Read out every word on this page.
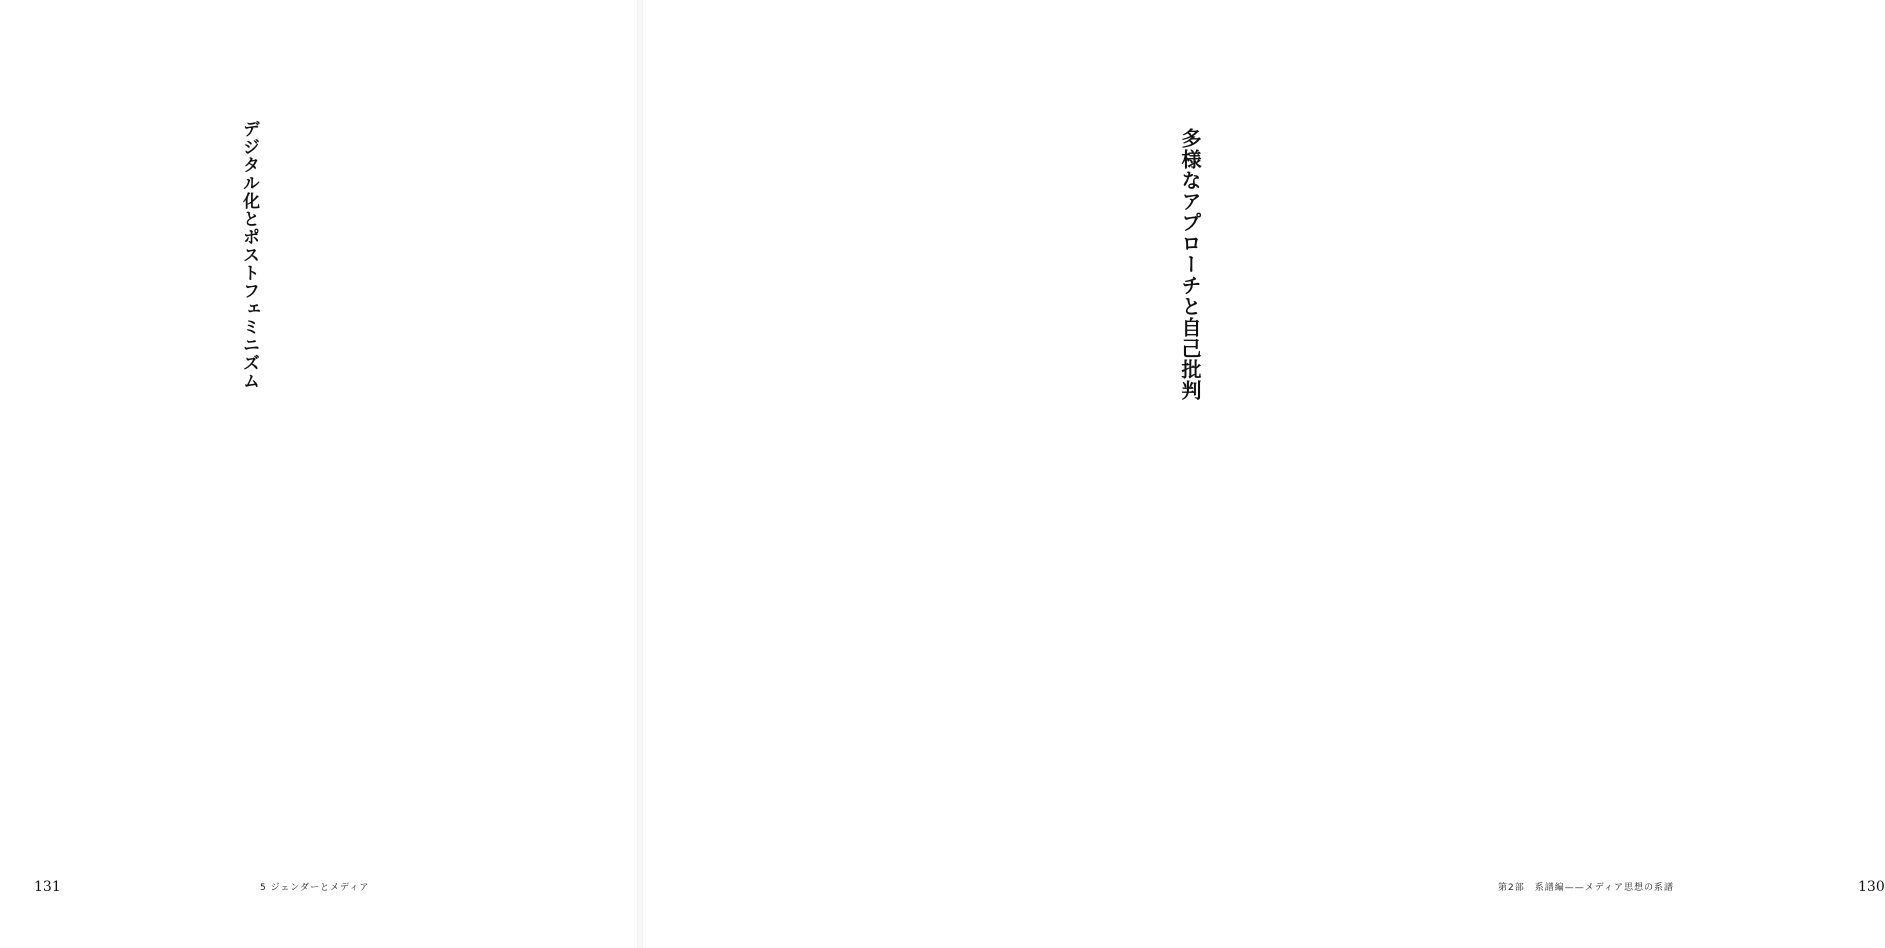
デジタル化とポストフェミニズム
131	5 ジェンダーとメディア
多様なアプローチと自己批判
130
第2部　系譜編——メディア思想の系譜
